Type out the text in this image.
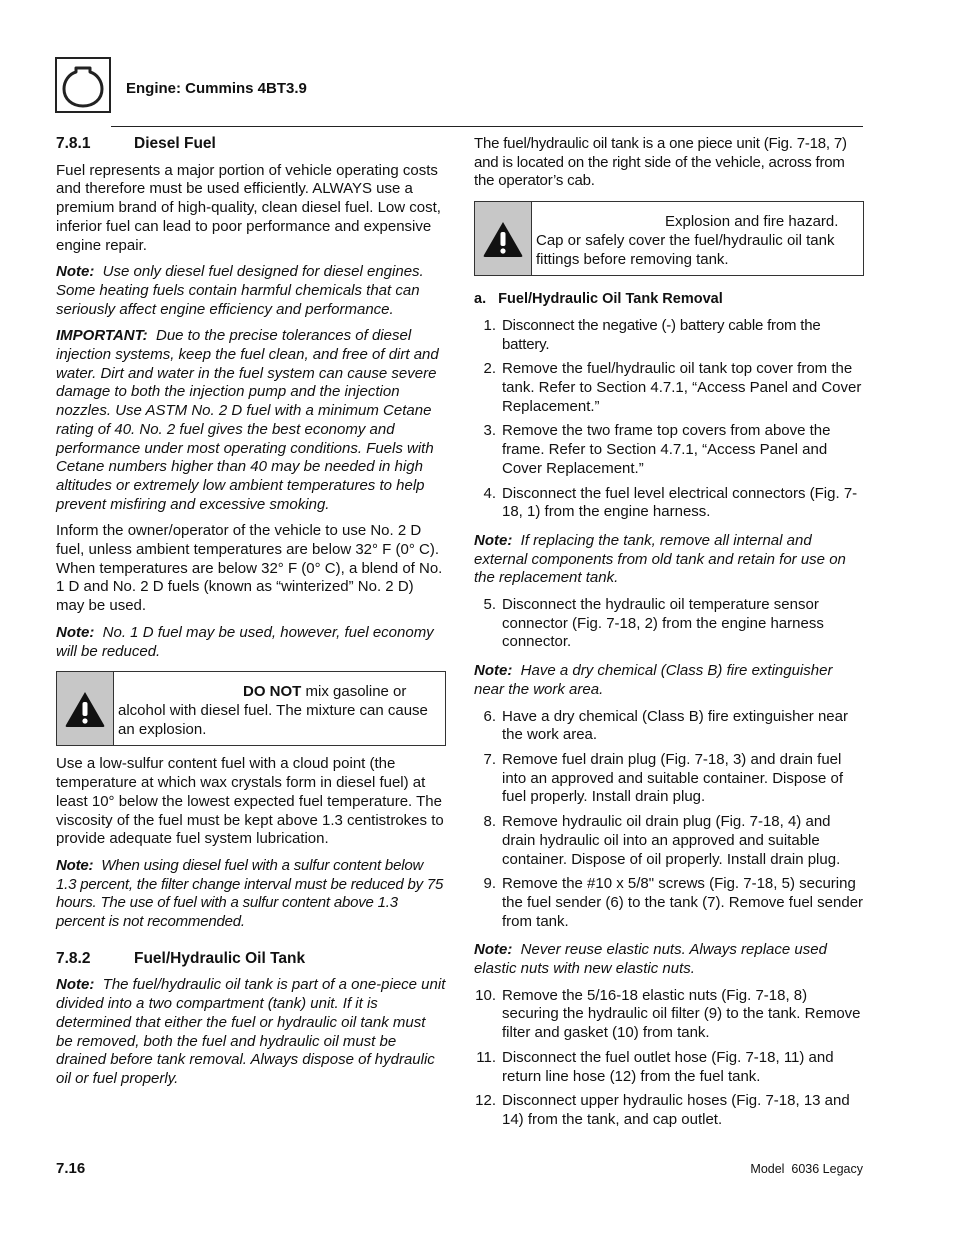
Engine: Cummins 4BT3.9
7.8.1	Diesel Fuel

Fuel represents a major portion of vehicle operating costs and therefore must be used efficiently. ALWAYS use a premium brand of high-quality, clean diesel fuel. Low cost, inferior fuel can lead to poor performance and expensive engine repair.

Note: Use only diesel fuel designed for diesel engines. Some heating fuels contain harmful chemicals that can seriously affect engine efficiency and performance.

IMPORTANT: Due to the precise tolerances of diesel injection systems, keep the fuel clean, and free of dirt and water. Dirt and water in the fuel system can cause severe damage to both the injection pump and the injection nozzles. Use ASTM No. 2 D fuel with a minimum Cetane rating of 40. No. 2 fuel gives the best economy and performance under most operating conditions. Fuels with Cetane numbers higher than 40 may be needed in high altitudes or extremely low ambient temperatures to help prevent misfiring and excessive smoking.

Inform the owner/operator of the vehicle to use No. 2 D fuel, unless ambient temperatures are below 32° F (0° C). When temperatures are below 32° F (0° C), a blend of No. 1 D and No. 2 D fuels (known as “winterized” No. 2 D) may be used.

Note: No. 1 D fuel may be used, however, fuel economy will be reduced.

DO NOT mix gasoline or alcohol with diesel fuel. The mixture can cause an explosion.

Use a low-sulfur content fuel with a cloud point (the temperature at which wax crystals form in diesel fuel) at least 10° below the lowest expected fuel temperature. The viscosity of the fuel must be kept above 1.3 centistrokes to provide adequate fuel system lubrication.

Note: When using diesel fuel with a sulfur content below 1.3 percent, the filter change interval must be reduced by 75 hours. The use of fuel with a sulfur content above 1.3 percent is not recommended.

7.8.2	Fuel/Hydraulic Oil Tank

Note: The fuel/hydraulic oil tank is part of a one-piece unit divided into a two compartment (tank) unit. If it is determined that either the fuel or hydraulic oil tank must be removed, both the fuel and hydraulic oil must be drained before tank removal. Always dispose of hydraulic oil or fuel properly.

The fuel/hydraulic oil tank is a one piece unit (Fig. 7-18, 7) and is located on the right side of the vehicle, across from the operator’s cab.

Explosion and fire hazard.
Cap or safely cover the fuel/hydraulic oil tank fittings before removing tank.
a.   Fuel/Hydraulic Oil Tank Removal
1. Disconnect the negative (-) battery cable from the battery.
2. Remove the fuel/hydraulic oil tank top cover from the tank. Refer to Section 4.7.1, “Access Panel and Cover Replacement.”
3. Remove the two frame top covers from above the frame. Refer to Section 4.7.1, “Access Panel and Cover Replacement.”
4. Disconnect the fuel level electrical connectors (Fig. 7-18, 1) from the engine harness.

Note: If replacing the tank, remove all internal and external components from old tank and retain for use on the replacement tank.

5. Disconnect the hydraulic oil temperature sensor connector (Fig. 7-18, 2) from the engine harness connector.

Note: Have a dry chemical (Class B) fire extinguisher near the work area.

6. Have a dry chemical (Class B) fire extinguisher near the work area.
7. Remove fuel drain plug (Fig. 7-18, 3) and drain fuel into an approved and suitable container. Dispose of fuel properly. Install drain plug.
8. Remove hydraulic oil drain plug (Fig. 7-18, 4) and drain hydraulic oil into an approved and suitable container. Dispose of oil properly. Install drain plug.
9. Remove the #10 x 5/8" screws (Fig. 7-18, 5) securing the fuel sender (6) to the tank (7). Remove fuel sender from tank.

Note: Never reuse elastic nuts. Always replace used elastic nuts with new elastic nuts.

10. Remove the 5/16-18 elastic nuts (Fig. 7-18, 8) securing the hydraulic oil filter (9) to the tank. Remove filter and gasket (10) from tank.
11. Disconnect the fuel outlet hose (Fig. 7-18, 11) and return line hose (12) from the fuel tank.
12. Disconnect upper hydraulic hoses (Fig. 7-18, 13 and 14) from the tank, and cap outlet.
7.16	Model  6036 Legacy
